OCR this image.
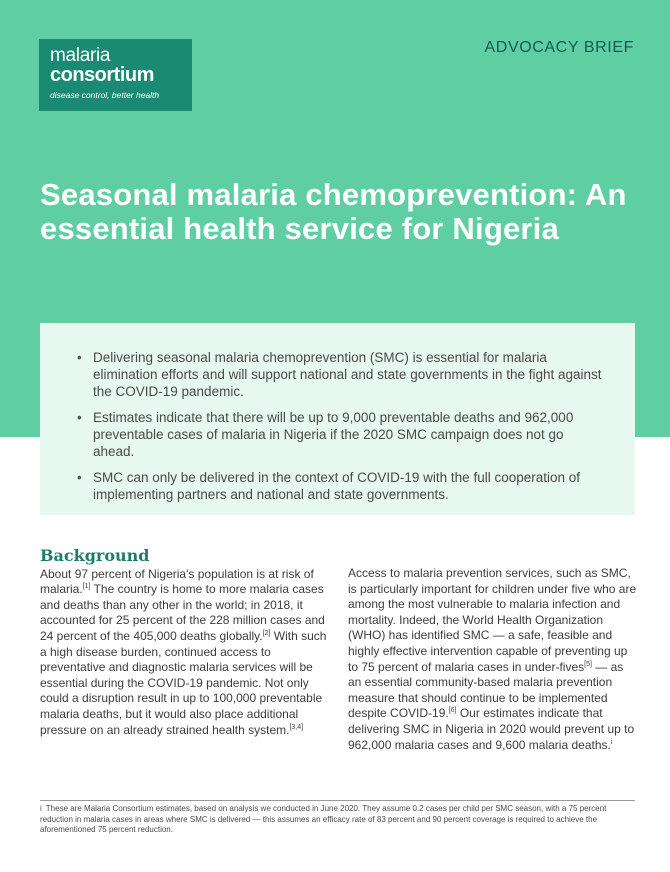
malaria
consortium
disease control, better health
ADVOCACY BRIEF
Seasonal malaria chemoprevention: An essential health service for Nigeria
• Delivering seasonal malaria chemoprevention (SMC) is essential for malaria elimination efforts and will support national and state governments in the fight against the COVID-19 pandemic.
• Estimates indicate that there will be up to 9,000 preventable deaths and 962,000 preventable cases of malaria in Nigeria if the 2020 SMC campaign does not go ahead.
• SMC can only be delivered in the context of COVID-19 with the full cooperation of implementing partners and national and state governments.
Background

About 97 percent of Nigeria's population is at risk of malaria.[1] The country is home to more malaria cases and deaths than any other in the world; in 2018, it accounted for 25 percent of the 228 million cases and 24 percent of the 405,000 deaths globally.[2] With such a high disease burden, continued access to preventative and diagnostic malaria services will be essential during the COVID-19 pandemic. Not only could a disruption result in up to 100,000 preventable malaria deaths, but it would also place additional pressure on an already strained health system.[3,4]

Access to malaria prevention services, such as SMC, is particularly important for children under five who are among the most vulnerable to malaria infection and mortality. Indeed, the World Health Organization (WHO) has identified SMC — a safe, feasible and highly effective intervention capable of preventing up to 75 percent of malaria cases in under-fives[5] — as an essential community-based malaria prevention measure that should continue to be implemented despite COVID-19.[6] Our estimates indicate that delivering SMC in Nigeria in 2020 would prevent up to 962,000 malaria cases and 9,600 malaria deaths.$^i$

i These are Malaria Consortium estimates, based on analysis we conducted in June 2020. They assume 0.2 cases per child per SMC season, with a 75 percent reduction in malaria cases in areas where SMC is delivered — this assumes an efficacy rate of 83 percent and 90 percent coverage is required to achieve the aforementioned 75 percent reduction.
